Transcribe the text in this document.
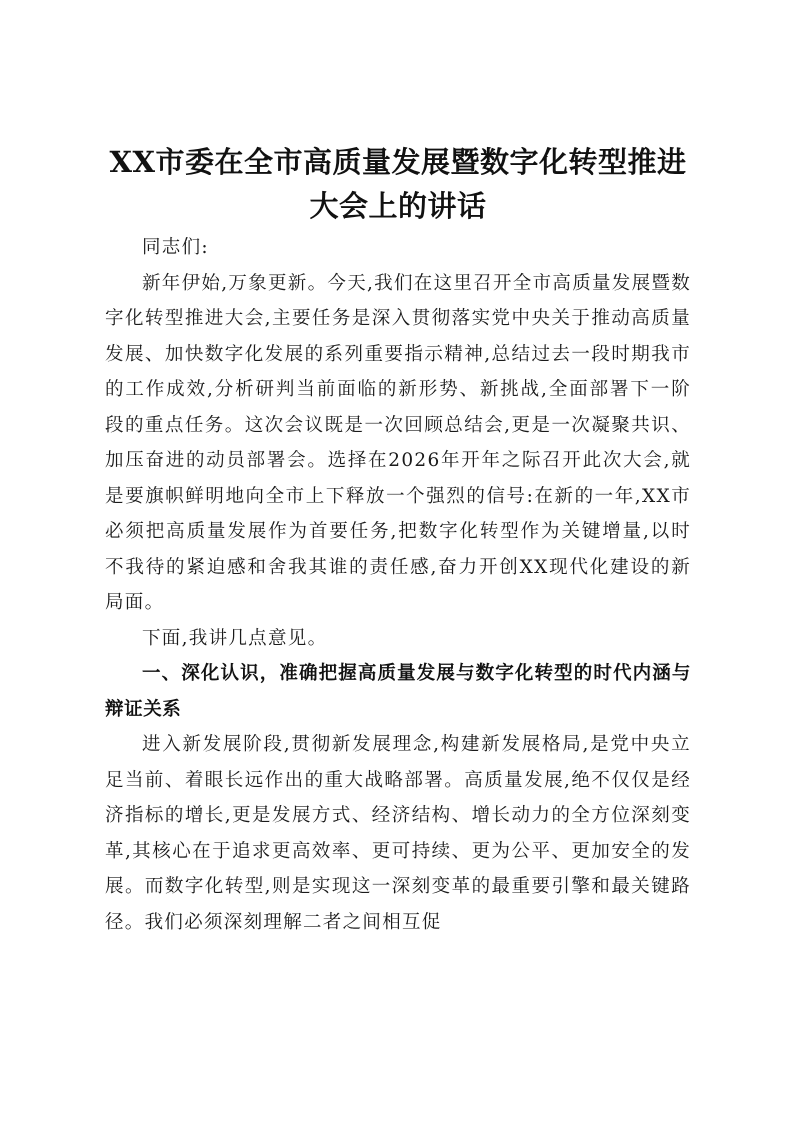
XX市委在全市高质量发展暨数字化转型推进大会上的讲话

同志们:

新年伊始,万象更新。今天,我们在这里召开全市高质量发展暨数字化转型推进大会,主要任务是深入贯彻落实党中央关于推动高质量发展、加快数字化发展的系列重要指示精神,总结过去一段时期我市的工作成效,分析研判当前面临的新形势、新挑战,全面部署下一阶段的重点任务。这次会议既是一次回顾总结会,更是一次凝聚共识、加压奋进的动员部署会。选择在2026年开年之际召开此次大会,就是要旗帜鲜明地向全市上下释放一个强烈的信号:在新的一年,XX市必须把高质量发展作为首要任务,把数字化转型作为关键增量,以时不我待的紧迫感和舍我其谁的责任感,奋力开创XX现代化建设的新局面。

下面,我讲几点意见。

一、深化认识，准确把握高质量发展与数字化转型的时代内涵与辩证关系

进入新发展阶段,贯彻新发展理念,构建新发展格局,是党中央立足当前、着眼长远作出的重大战略部署。高质量发展,绝不仅仅是经济指标的增长,更是发展方式、经济结构、增长动力的全方位深刻变革,其核心在于追求更高效率、更可持续、更为公平、更加安全的发展。而数字化转型,则是实现这一深刻变革的最重要引擎和最关键路径。我们必须深刻理解二者之间相互促
